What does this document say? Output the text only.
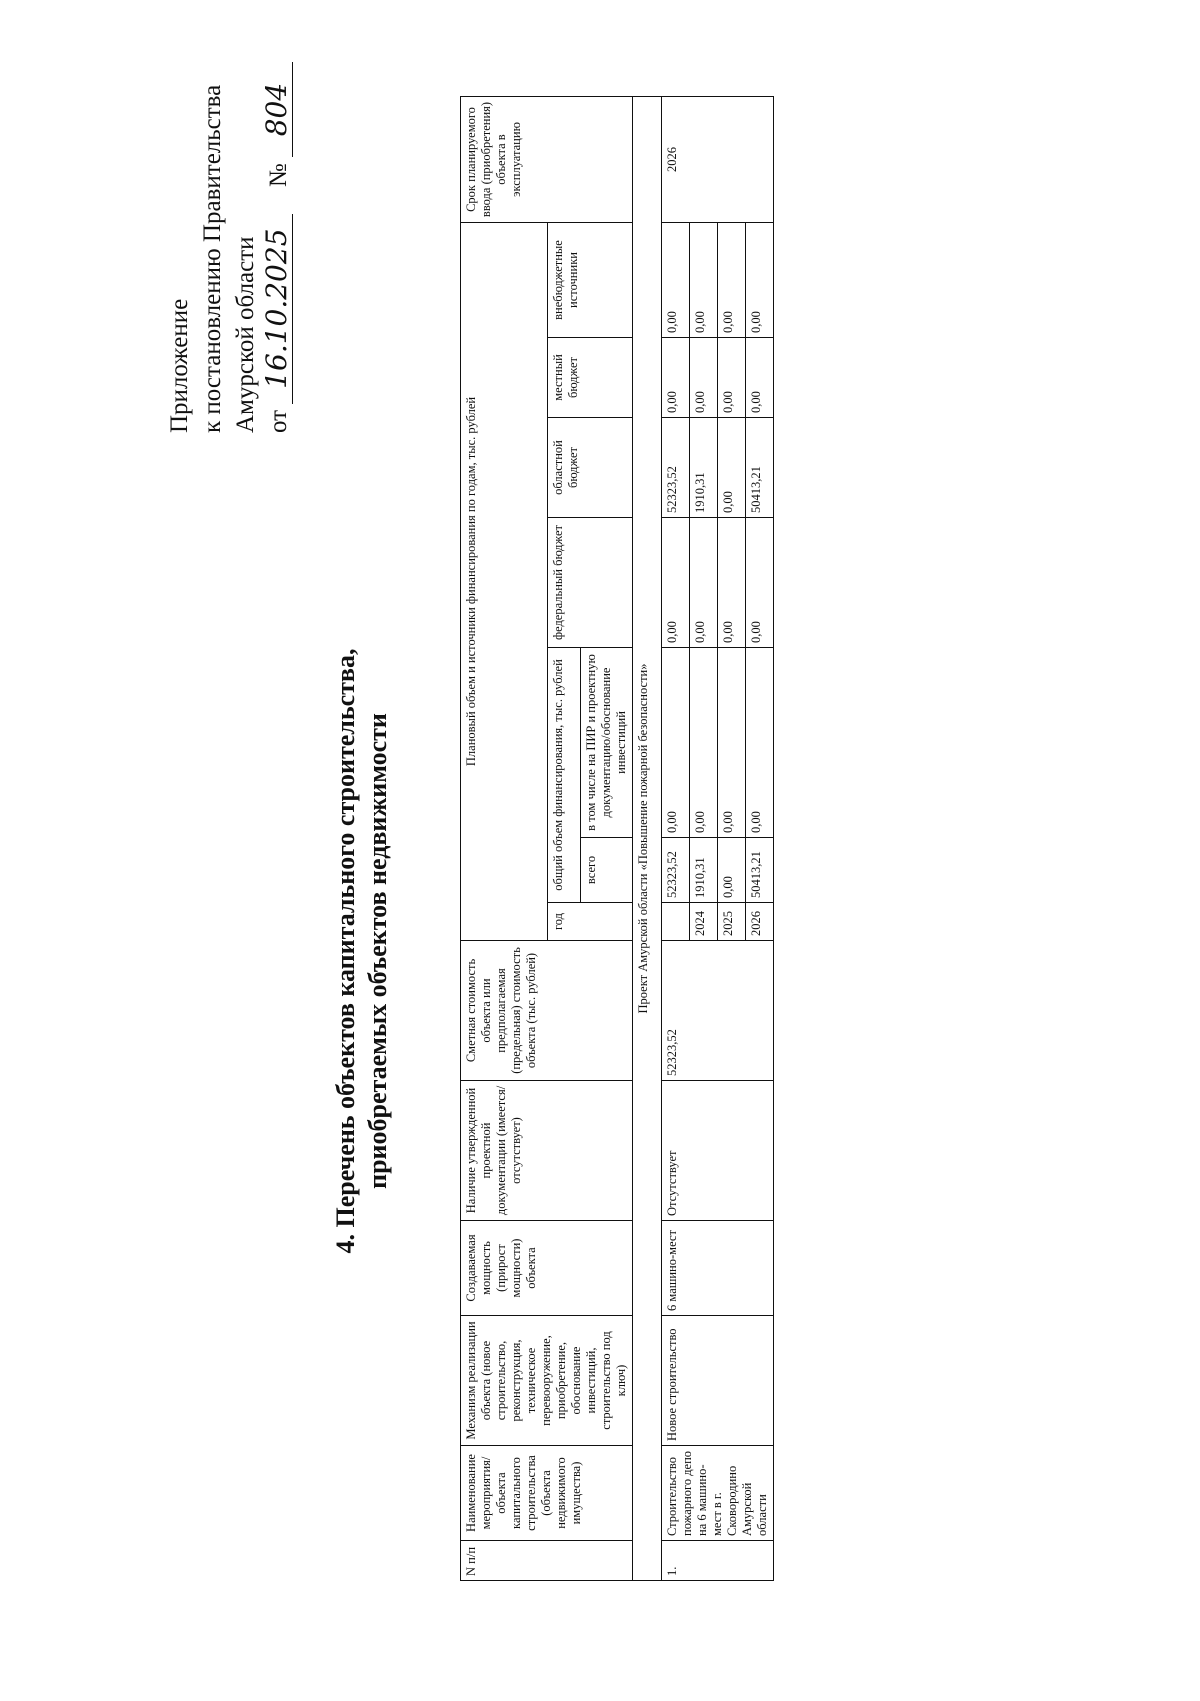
Приложение к постановлению Правительства Амурской области от 16.10.2025  № 804
4. Перечень объектов капитального строительства, приобретаемых объектов недвижимости
N п/п	Наименование мероприятия/ объекта капитального строительства (объекта недвижимого имущества)	Механизм реализации объекта (новое строительство, реконструкция, техническое перевооружение, приобретение, обоснование инвестиций, строительство под ключ)	Создаваемая мощность (прирост мощности) объекта	Наличие утвержденной проектной документации (имеется/отсутствует)	Сметная стоимость объекта или предполагаемая (предельная) стоимость объекта (тыс. рублей)	Плановый объем и источники финансирования по годам, тыс. рублей							Срок планируемого ввода (приобретения) объекта в эксплуатацию
						год	общий объем финансирования, тыс. рублей		федеральный бюджет	областной бюджет	местный бюджет	внебюджетные источники	
							всего	в том числе на ПИР и проектную документацию/обоснование инвестиций					
Проект Амурской области «Повышение пожарной безопасности»													
1.	Строительство пожарного депо на 6 машино-мест в г. Сковородино Амурской области	Новое строительство	6 машино-мест	Отсутствует	52323,52		52323,52	0,00	0,00	52323,52	0,00	0,00	2026
						2024	1910,31	0,00	0,00	1910,31	0,00	0,00	
						2025	0,00	0,00	0,00	0,00	0,00	0,00	
						2026	50413,21	0,00	0,00	50413,21	0,00	0,00	
